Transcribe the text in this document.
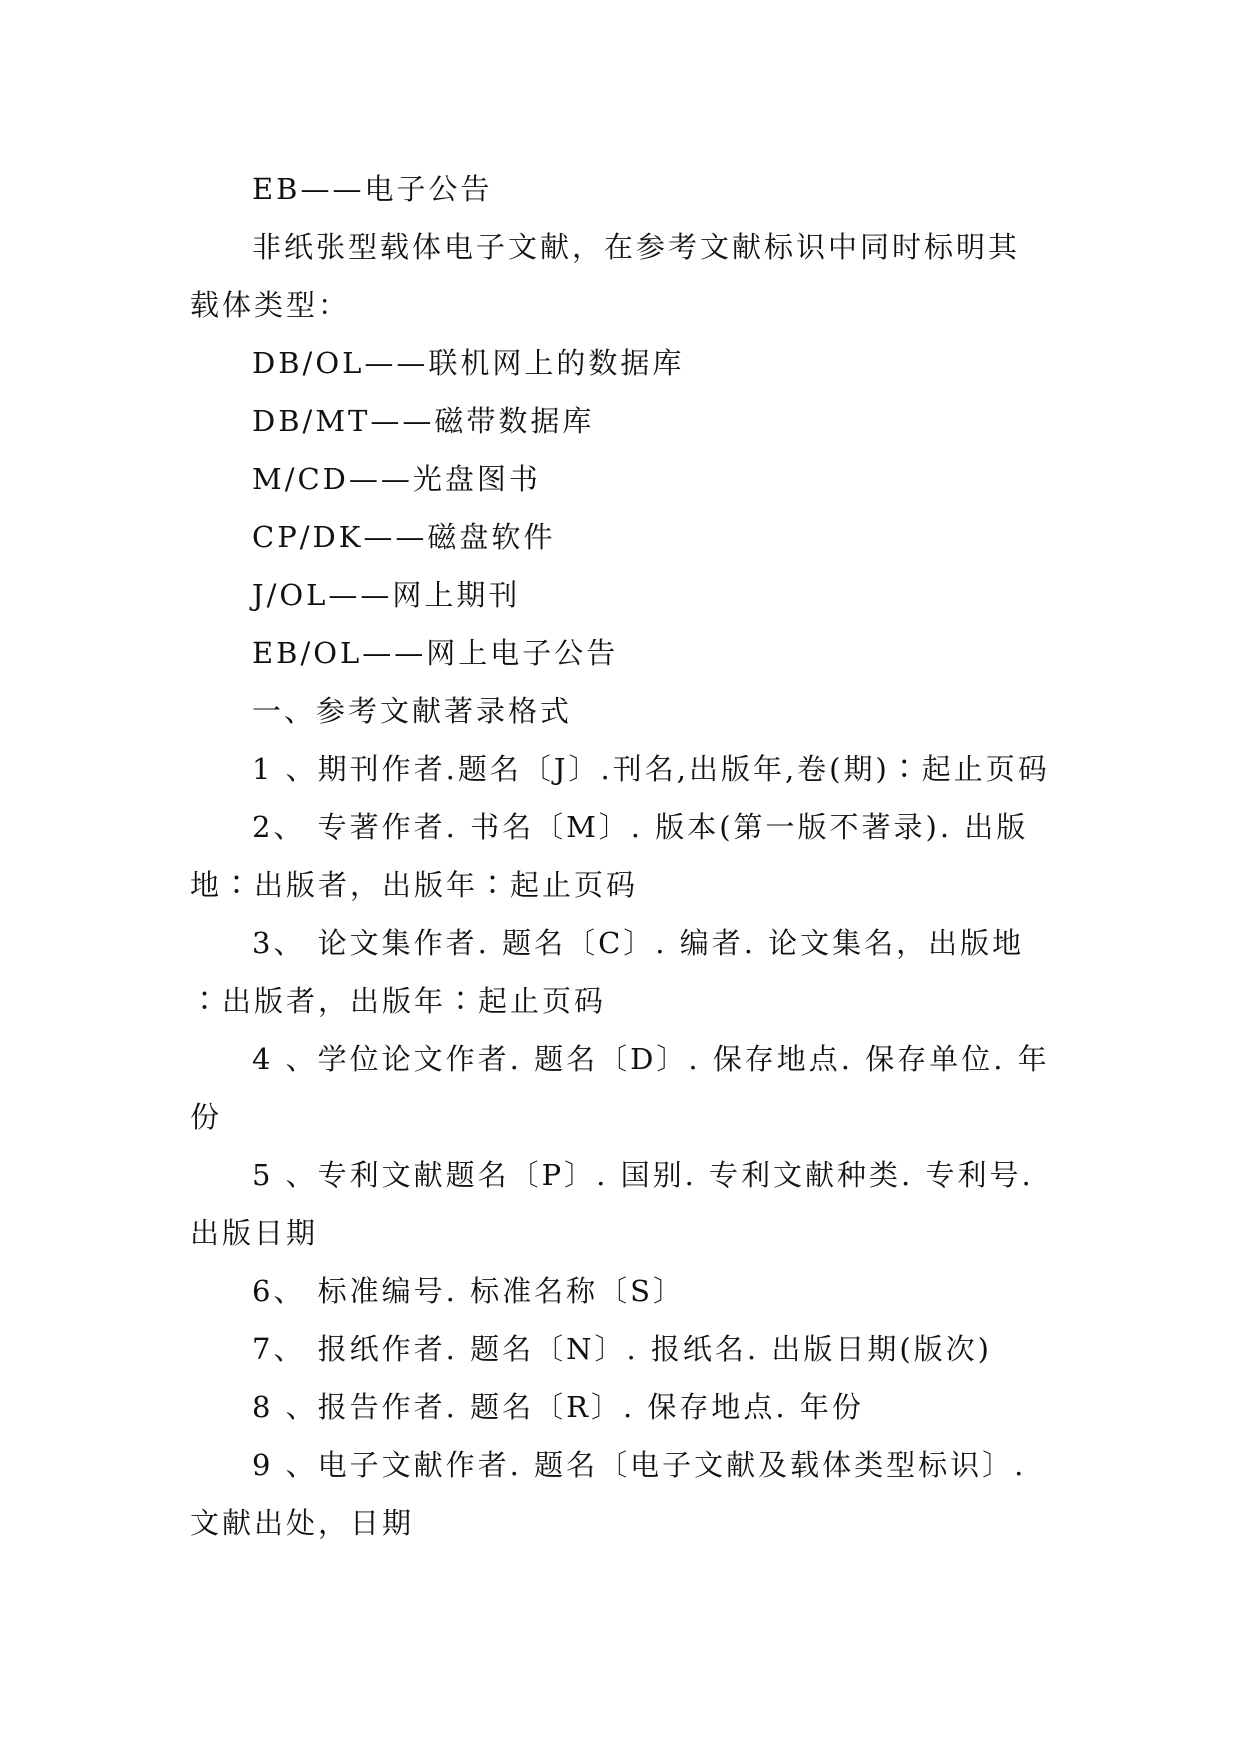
EB——电子公告

非纸张型载体电子文献，在参考文献标识中同时标明其载体类型：

DB/OL——联机网上的数据库

DB/MT——磁带数据库

M/CD——光盘图书

CP/DK——磁盘软件

J/OL——网上期刊

EB/OL——网上电子公告

一、参考文献著录格式

1 、期刊作者.题名〔J〕.刊名,出版年,卷(期)∶起止页码

2、 专著作者. 书名〔M〕. 版本(第一版不著录). 出版地∶出版者，出版年∶起止页码

3、 论文集作者. 题名〔C〕. 编者. 论文集名，出版地∶出版者，出版年∶起止页码

4 、学位论文作者. 题名〔D〕. 保存地点. 保存单位. 年份

5 、专利文献题名〔P〕. 国别. 专利文献种类. 专利号. 出版日期

6、 标准编号. 标准名称〔S〕

7、 报纸作者. 题名〔N〕. 报纸名. 出版日期(版次)

8 、报告作者. 题名〔R〕. 保存地点. 年份

9 、电子文献作者. 题名〔电子文献及载体类型标识〕. 文献出处，日期
